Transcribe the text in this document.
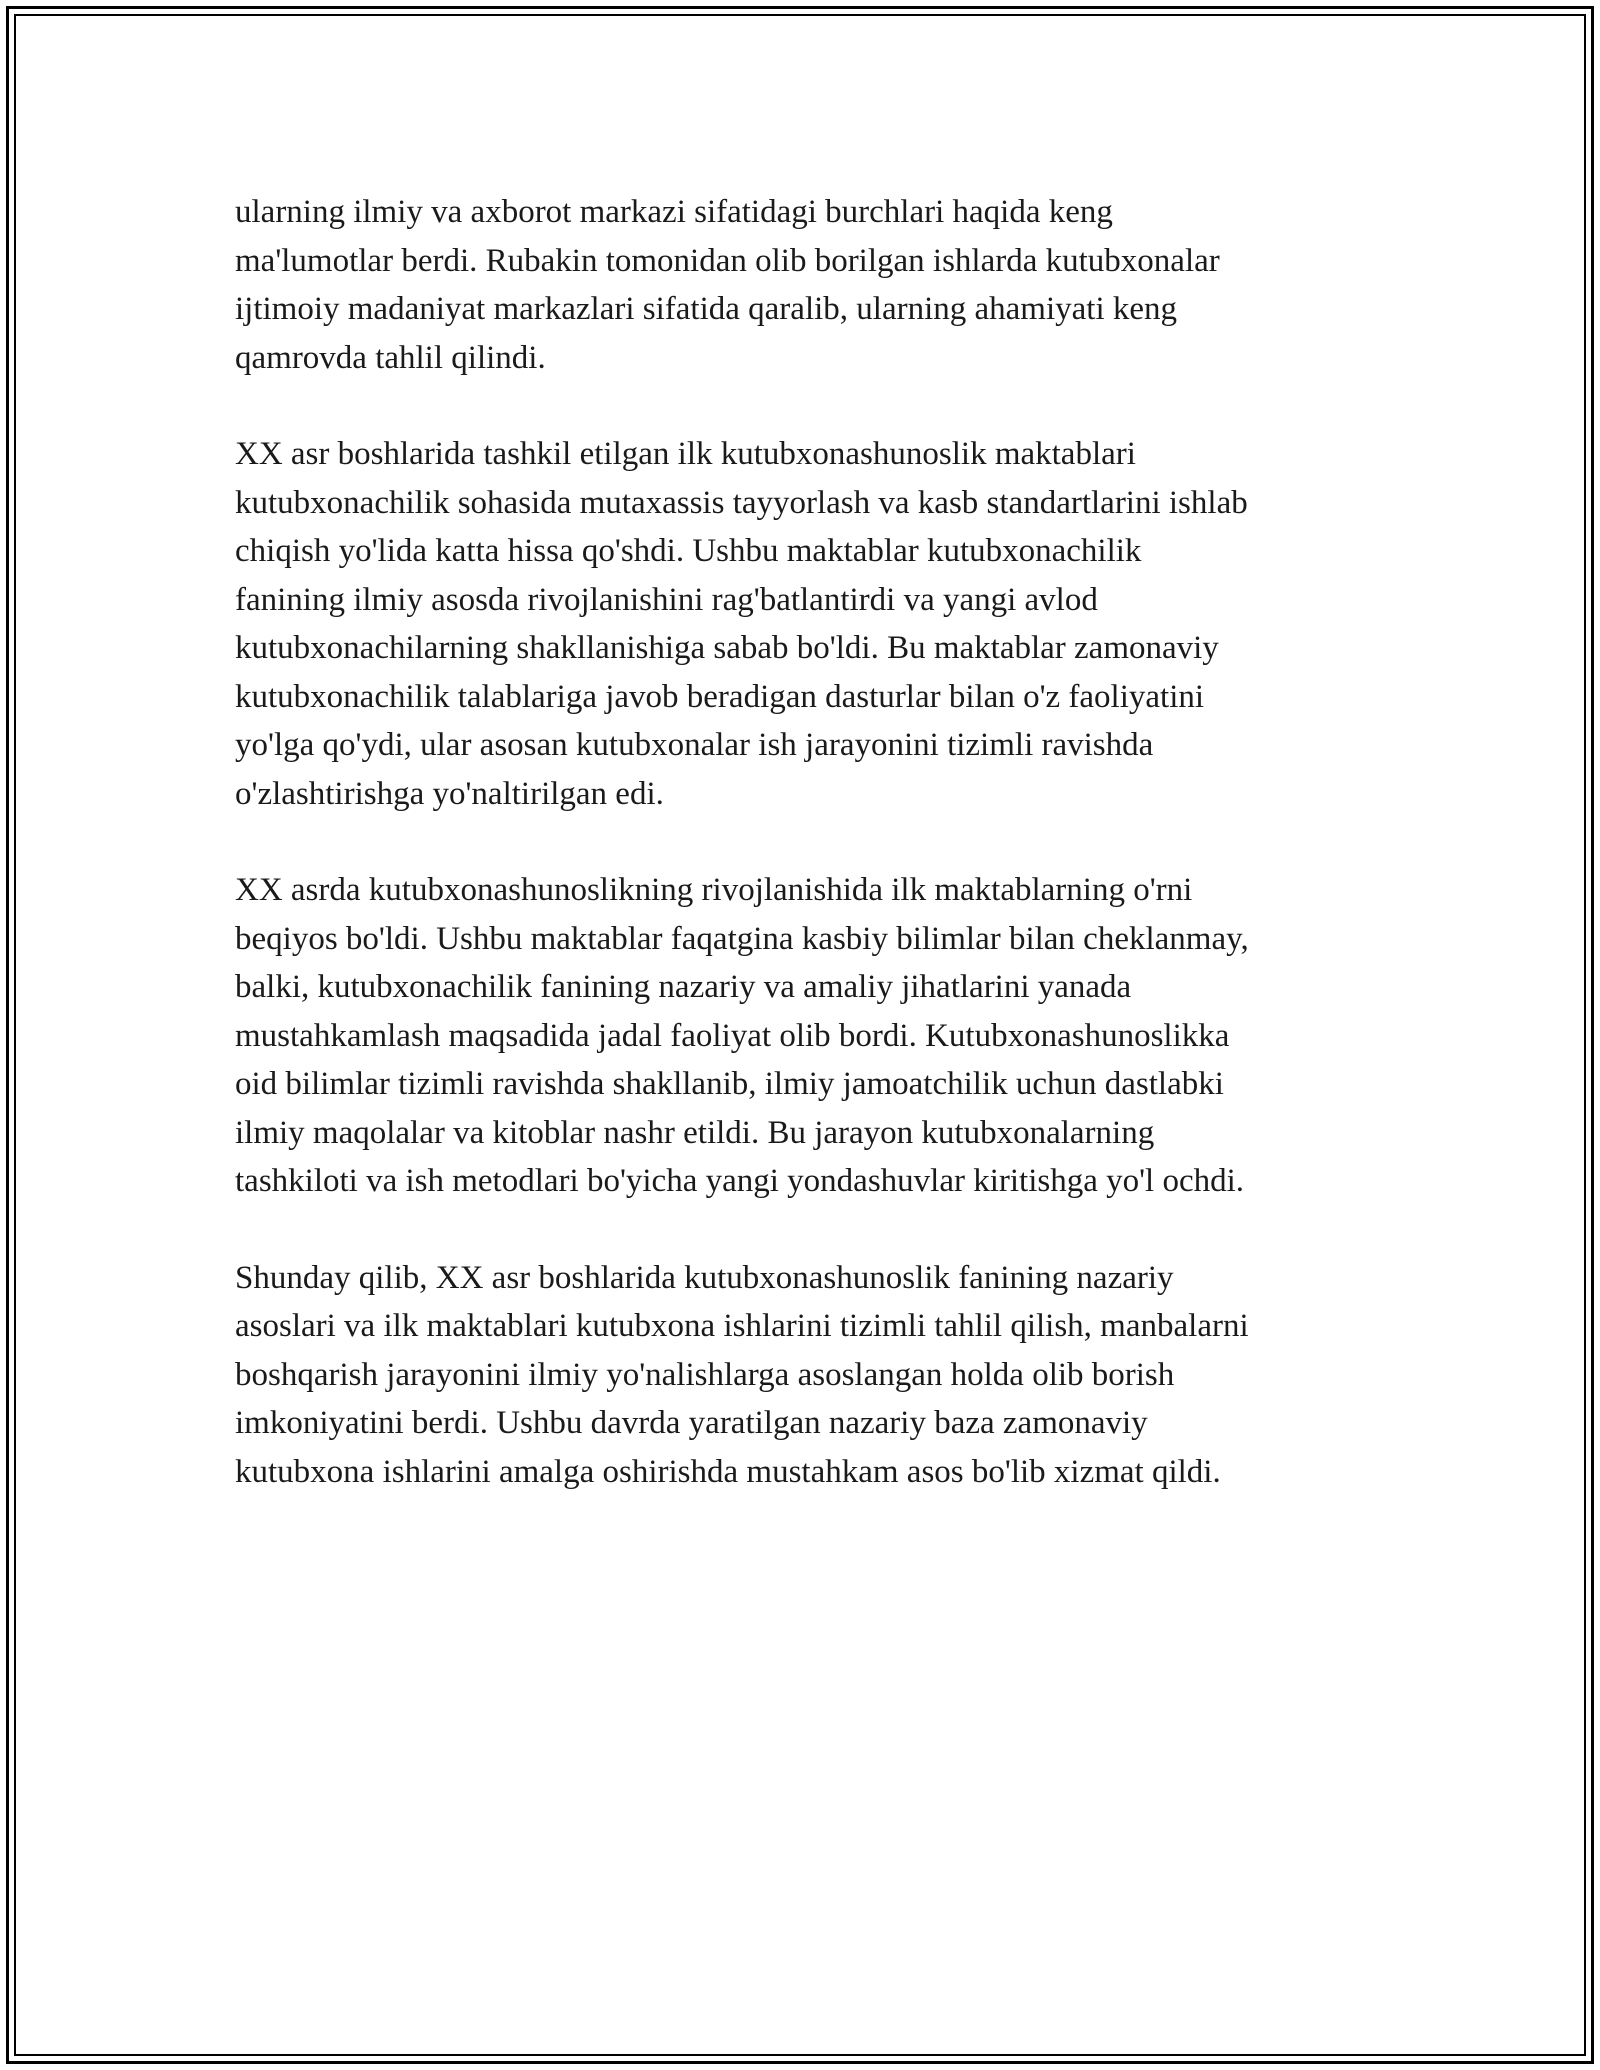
ularning ilmiy va axborot markazi sifatidagi burchlari haqida keng
ma'lumotlar berdi. Rubakin tomonidan olib borilgan ishlarda kutubxonalar
ijtimoiy madaniyat markazlari sifatida qaralib, ularning ahamiyati keng
qamrovda tahlil qilindi.

XX asr boshlarida tashkil etilgan ilk kutubxonashunoslik maktablari
kutubxonachilik sohasida mutaxassis tayyorlash va kasb standartlarini ishlab
chiqish yo'lida katta hissa qo'shdi. Ushbu maktablar kutubxonachilik
fanining ilmiy asosda rivojlanishini rag'batlantirdi va yangi avlod
kutubxonachilarning shakllanishiga sabab bo'ldi. Bu maktablar zamonaviy
kutubxonachilik talablariga javob beradigan dasturlar bilan o'z faoliyatini
yo'lga qo'ydi, ular asosan kutubxonalar ish jarayonini tizimli ravishda
o'zlashtirishga yo'naltirilgan edi.

XX asrda kutubxonashunoslikning rivojlanishida ilk maktablarning o'rni
beqiyos bo'ldi. Ushbu maktablar faqatgina kasbiy bilimlar bilan cheklanmay,
balki, kutubxonachilik fanining nazariy va amaliy jihatlarini yanada
mustahkamlash maqsadida jadal faoliyat olib bordi. Kutubxonashunoslikka
oid bilimlar tizimli ravishda shakllanib, ilmiy jamoatchilik uchun dastlabki
ilmiy maqolalar va kitoblar nashr etildi. Bu jarayon kutubxonalarning
tashkiloti va ish metodlari bo'yicha yangi yondashuvlar kiritishga yo'l ochdi.

Shunday qilib, XX asr boshlarida kutubxonashunoslik fanining nazariy
asoslari va ilk maktablari kutubxona ishlarini tizimli tahlil qilish, manbalarni
boshqarish jarayonini ilmiy yo'nalishlarga asoslangan holda olib borish
imkoniyatini berdi. Ushbu davrda yaratilgan nazariy baza zamonaviy
kutubxona ishlarini amalga oshirishda mustahkam asos bo'lib xizmat qildi.
